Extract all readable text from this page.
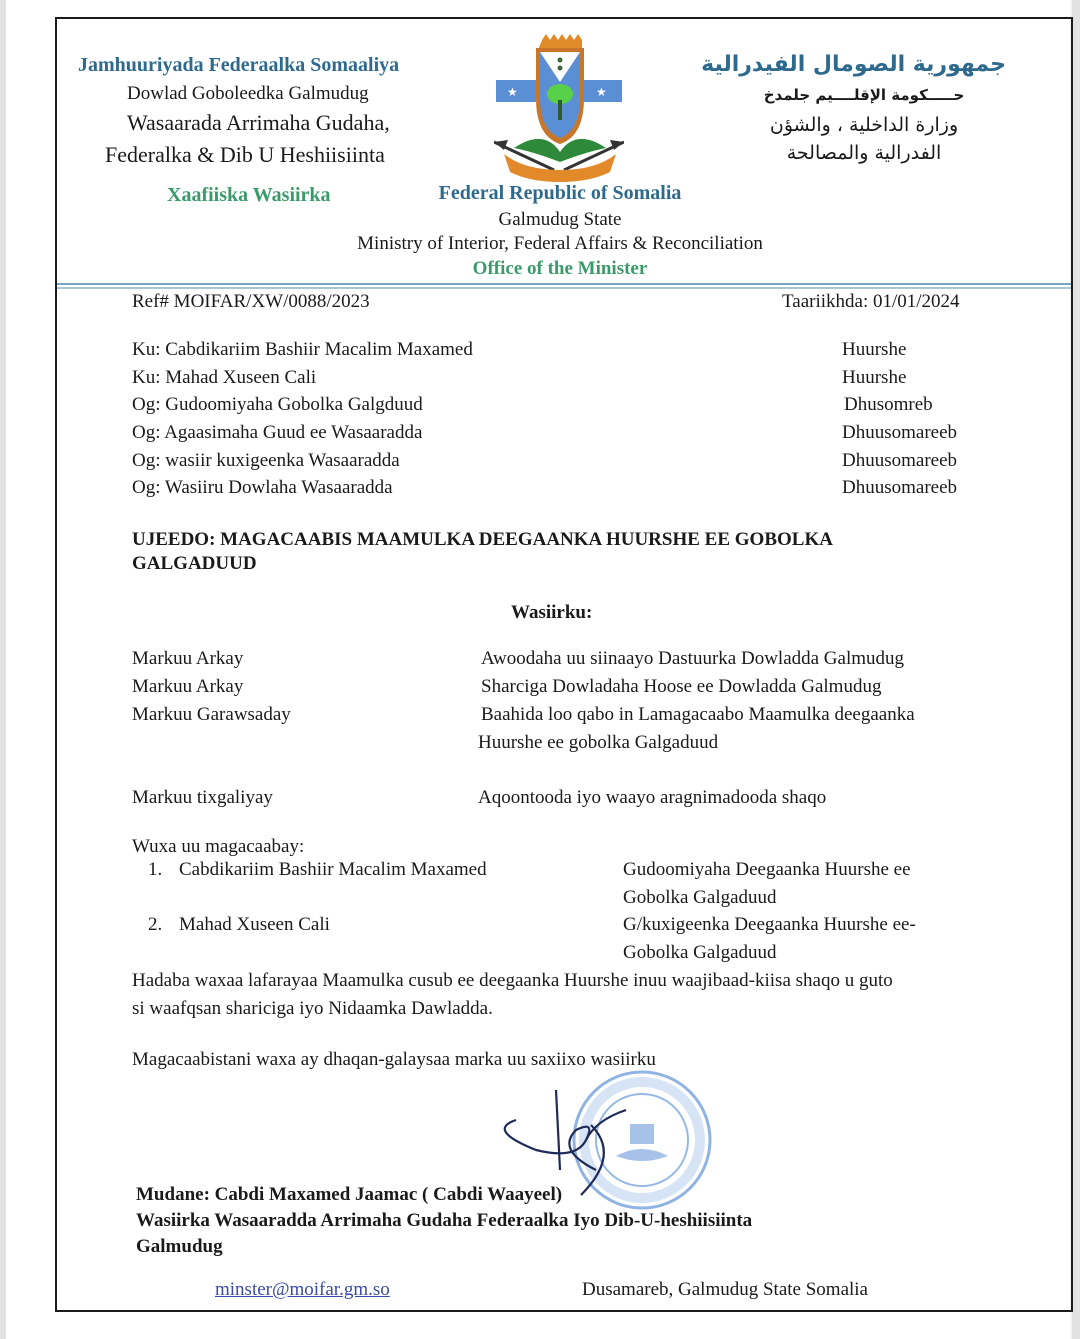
Jamhuuriyada Federaalka Somaaliya
Dowlad Goboleedka Galmudug
Wasaarada Arrimaha Gudaha,
Federalka & Dib U Heshiisiinta
Xaafiiska Wasiirka
★	★
جمهورية الصومال الفيدرالية
حـــــكومة الإقلــــيم جلمدخ
وزارة الداخلية ، والشؤن
الفدرالية والمصالحة
Federal Republic of Somalia
Galmudug State
Ministry of Interior, Federal Affairs & Reconciliation
Office of the Minister
Ref# MOIFAR/XW/0088/2023	Taariikhda: 01/01/2024
Ku: Cabdikariim Bashiir Macalim Maxamed	Huurshe
Ku: Mahad Xuseen Cali	Huurshe
Og: Gudoomiyaha Gobolka Galgduud	Dhusomreb
Og: Agaasimaha Guud ee Wasaaradda	Dhuusomareeb
Og: wasiir kuxigeenka Wasaaradda	Dhuusomareeb
Og: Wasiiru Dowlaha Wasaaradda	Dhuusomareeb
UJEEDO: MAGACAABIS MAAMULKA DEEGAANKA HUURSHE EE GOBOLKA
GALGADUUD
Wasiirku:
Markuu Arkay	Awoodaha uu siinaayo Dastuurka Dowladda Galmudug
Markuu Arkay	Sharciga Dowladaha Hoose ee Dowladda Galmudug
Markuu Garawsaday	Baahida loo qabo in Lamagacaabo Maamulka deegaanka
Huurshe ee gobolka Galgaduud
Markuu tixgaliyay	Aqoontooda iyo waayo aragnimadooda shaqo
Wuxa uu magacaabay:
1. Cabdikariim Bashiir Macalim Maxamed	Gudoomiyaha Deegaanka Huurshe ee
Gobolka Galgaduud
2. Mahad Xuseen Cali	G/kuxigeenka Deegaanka Huurshe ee-
Gobolka Galgaduud
Hadaba waxaa lafarayaa Maamulka cusub ee deegaanka Huurshe inuu waajibaad-kiisa shaqo u guto
si waafqsan shariciga iyo Nidaamka Dawladda.
Magacaabistani waxa ay dhaqan-galaysaa marka uu saxiixo wasiirku
Mudane: Cabdi Maxamed Jaamac ( Cabdi Waayeel)
Wasiirka Wasaaradda Arrimaha Gudaha Federaalka Iyo Dib-U-heshiisiinta
Galmudug
minster@moifar.gm.so	Dusamareb, Galmudug State Somalia
